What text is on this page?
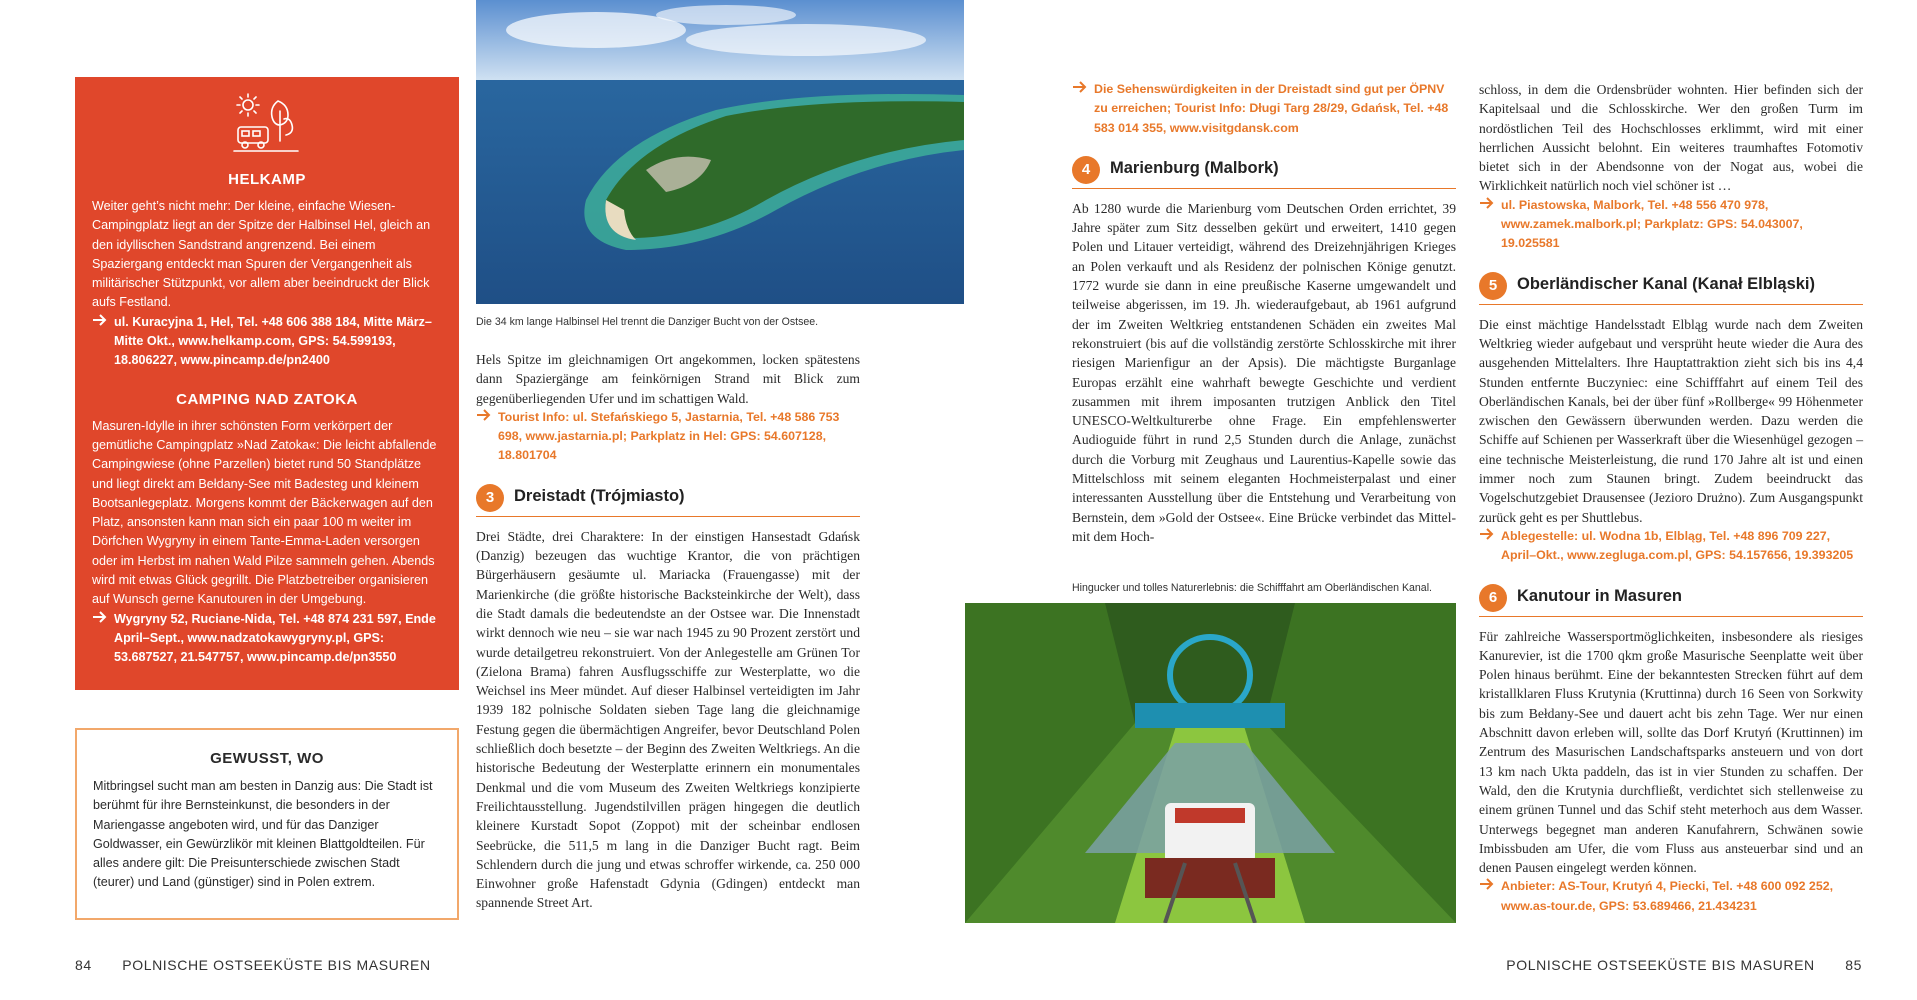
HELKAMP
Weiter geht’s nicht mehr: Der kleine, einfache Wiesen-Campingplatz liegt an der Spitze der Halbinsel Hel, gleich an den idyllischen Sandstrand angrenzend. Bei einem Spaziergang entdeckt man Spuren der Vergangenheit als militärischer Stützpunkt, vor allem aber beeindruckt der Blick aufs Festland.
ul. Kuracyjna 1, Hel, Tel. +48 606 388 184, Mitte März–Mitte Okt., www.helkamp.com, GPS: 54.599193, 18.806227, www.pincamp.de/pn2400
CAMPING NAD ZATOKA
Masuren-Idylle in ihrer schönsten Form verkörpert der gemütliche Campingplatz »Nad Zatoka«: Die leicht abfallende Campingwiese (ohne Parzellen) bietet rund 50 Standplätze und liegt direkt am Bełdany-See mit Badesteg und kleinem Bootsanlegeplatz. Morgens kommt der Bäckerwagen auf den Platz, ansonsten kann man sich ein paar 100 m weiter im Dörfchen Wygryny in einem Tante-Emma-Laden versorgen oder im Herbst im nahen Wald Pilze sammeln gehen. Abends wird mit etwas Glück gegrillt. Die Platzbetreiber organisieren auf Wunsch gerne Kanutouren in der Umgebung.
Wygryny 52, Ruciane-Nida, Tel. +48 874 231 597, Ende April–Sept., www.nadzatokawygryny.pl, GPS: 53.687527, 21.547757, www.pincamp.de/pn3550
GEWUSST, WO
Mitbringsel sucht man am besten in Danzig aus: Die Stadt ist berühmt für ihre Bernsteinkunst, die besonders in der Mariengasse angeboten wird, und für das Danziger Goldwasser, ein Gewürzlikör mit kleinen Blattgoldteilen. Für alles andere gilt: Die Preisunterschiede zwischen Stadt (teurer) und Land (günstiger) sind in Polen extrem.
Die 34 km lange Halbinsel Hel trennt die Danziger Bucht von der Ostsee.

Hels Spitze im gleichnamigen Ort angekommen, locken spätestens dann Spaziergänge am feinkörnigen Strand mit Blick zum gegenüberliegenden Ufer und im schattigen Wald.

Tourist Info: ul. Stefańskiego 5, Jastarnia, Tel. +48 586 753 698, www.jastarnia.pl; Parkplatz in Hel: GPS: 54.607128, 18.801704
3	Dreistadt (Trójmiasto)

Drei Städte, drei Charaktere: In der einstigen Hansestadt Gdańsk (Danzig) bezeugen das wuchtige Krantor, die von prächtigen Bürgerhäusern gesäumte ul. Mariacka (Frauengasse) mit der Marienkirche (die größte historische Backsteinkirche der Welt), dass die Stadt damals die bedeutendste an der Ostsee war. Die Innenstadt wirkt dennoch wie neu – sie war nach 1945 zu 90 Prozent zerstört und wurde detailgetreu rekonstruiert. Von der Anlegestelle am Grünen Tor (Zielona Brama) fahren Ausflugsschiffe zur Westerplatte, wo die Weichsel ins Meer mündet. Auf dieser Halbinsel verteidigten im Jahr 1939 182 polnische Soldaten sieben Tage lang die gleichnamige Festung gegen die übermächtigen Angreifer, bevor Deutschland Polen schließlich doch besetzte – der Beginn des Zweiten Weltkriegs. An die historische Bedeutung der Westerplatte erinnern ein monumentales Denkmal und die vom Museum des Zweiten Weltkriegs konzipierte Freilichtausstellung. Jugendstilvillen prägen hingegen die deutlich kleinere Kurstadt Sopot (Zoppot) mit der scheinbar endlosen Seebrücke, die 511,5 m lang in die Danziger Bucht ragt. Beim Schlendern durch die jung und etwas schroffer wirkende, ca. 250 000 Einwohner große Hafenstadt Gdynia (Gdingen) entdeckt man spannende Street Art.

84 POLNISCHE OSTSEEKÜSTE BIS MASUREN
Die Sehenswürdigkeiten in der Dreistadt sind gut per ÖPNV zu erreichen; Tourist Info: Długi Targ 28/29, Gdańsk, Tel. +48 583 014 355, www.visitgdansk.com
4	Marienburg (Malbork)

Ab 1280 wurde die Marienburg vom Deutschen Orden errichtet, 39 Jahre später zum Sitz desselben gekürt und erweitert, 1410 gegen Polen und Litauer verteidigt, während des Dreizehnjährigen Krieges an Polen verkauft und als Residenz der polnischen Könige genutzt. 1772 wurde sie dann in eine preußische Kaserne umgewandelt und teilweise abgerissen, im 19. Jh. wiederaufgebaut, ab 1961 aufgrund der im Zweiten Weltkrieg entstandenen Schäden ein zweites Mal rekonstruiert (bis auf die vollständig zerstörte Schlosskirche mit ihrer riesigen Marienfigur an der Apsis). Die mächtigste Burganlage Europas erzählt eine wahrhaft bewegte Geschichte und verdient zusammen mit ihrem imposanten trutzigen Anblick den Titel UNESCO-Weltkulturerbe ohne Frage. Ein empfehlenswerter Audioguide führt in rund 2,5 Stunden durch die Anlage, zunächst durch die Vorburg mit Zeughaus und Laurentius-Kapelle sowie das Mittelschloss mit seinem eleganten Hochmeisterpalast und einer interessanten Ausstellung über die Entstehung und Verarbeitung von Bernstein, dem »Gold der Ostsee«. Eine Brücke verbindet das Mittel- mit dem Hoch-

Hingucker und tolles Naturerlebnis: die Schifffahrt am Oberländischen Kanal.

schloss, in dem die Ordensbrüder wohnten. Hier befinden sich der Kapitelsaal und die Schlosskirche. Wer den großen Turm im nordöstlichen Teil des Hochschlosses erklimmt, wird mit einer herrlichen Aussicht belohnt. Ein weiteres traumhaftes Fotomotiv bietet sich in der Abendsonne von der Nogat aus, wobei die Wirklichkeit natürlich noch viel schöner ist …

ul. Piastowska, Malbork, Tel. +48 556 470 978, www.zamek.malbork.pl; Parkplatz: GPS: 54.043007, 19.025581
5	Oberländischer Kanal (Kanał Elbląski)

Die einst mächtige Handelsstadt Elbląg wurde nach dem Zweiten Weltkrieg wieder aufgebaut und versprüht heute wieder die Aura des ausgehenden Mittelalters. Ihre Hauptattraktion zieht sich bis ins 4,4 Stunden entfernte Buczyniec: eine Schifffahrt auf einem Teil des Oberländischen Kanals, bei der über fünf »Rollberge« 99 Höhenmeter zwischen den Gewässern überwunden werden. Dazu werden die Schiffe auf Schienen per Wasserkraft über die Wiesenhügel gezogen – eine technische Meisterleistung, die rund 170 Jahre alt ist und einen immer noch zum Staunen bringt. Zudem beeindruckt das Vogelschutzgebiet Drausensee (Jezioro Drużno). Zum Ausgangspunkt zurück geht es per Shuttlebus.

Ablegestelle: ul. Wodna 1b, Elbląg, Tel. +48 896 709 227, April–Okt., www.zegluga.com.pl, GPS: 54.157656, 19.393205
6	Kanutour in Masuren

Für zahlreiche Wassersportmöglichkeiten, insbesondere als riesiges Kanurevier, ist die 1700 qkm große Masurische Seenplatte weit über Polen hinaus berühmt. Eine der bekanntesten Strecken führt auf dem kristallklaren Fluss Krutynia (Kruttinna) durch 16 Seen von Sorkwity bis zum Bełdany-See und dauert acht bis zehn Tage. Wer nur einen Abschnitt davon erleben will, sollte das Dorf Krutyń (Kruttinnen) im Zentrum des Masurischen Landschaftsparks ansteuern und von dort 13 km nach Ukta paddeln, das ist in vier Stunden zu schaffen. Der Wald, den die Krutynia durchfließt, verdichtet sich stellenweise zu einem grünen Tunnel und das Schif steht meterhoch aus dem Wasser. Unterwegs begegnet man anderen Kanufahrern, Schwänen sowie Imbissbuden am Ufer, die vom Fluss aus ansteuerbar sind und an denen Pausen eingelegt werden können.

Anbieter: AS-Tour, Krutyń 4, Piecki, Tel. +48 600 092 252, www.as-tour.de, GPS: 53.689466, 21.434231
POLNISCHE OSTSEEKÜSTE BIS MASUREN 85
